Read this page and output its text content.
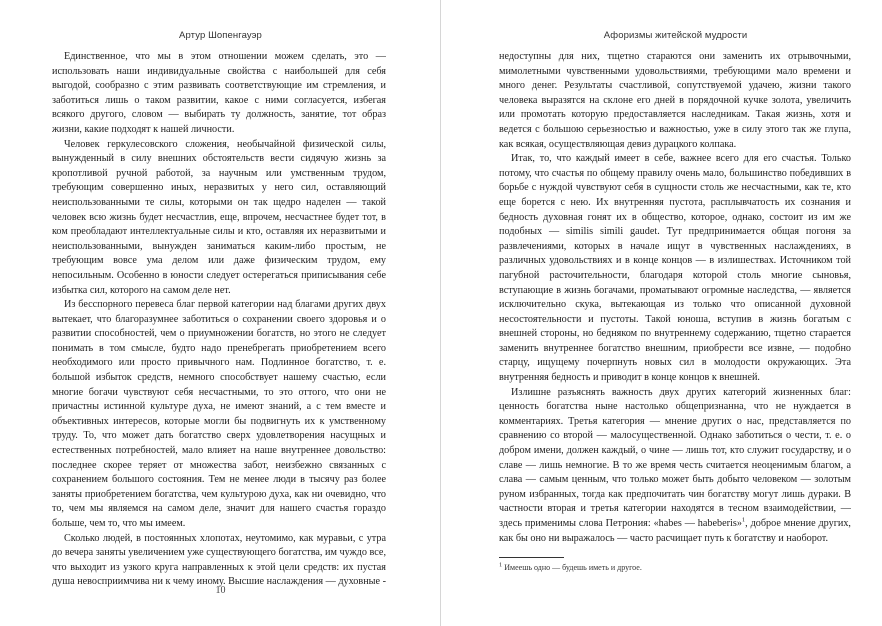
Артур Шопенгауэр

Единственное, что мы в этом отношении можем сделать, это — использовать наши индивидуальные свойства с наибольшей для себя выгодой, сообразно с этим развивать соответствующие им стремления, и заботиться лишь о таком развитии, какое с ними согласуется, избегая всякого другого, словом — выбирать ту должность, занятие, тот образ жизни, какие подходят к нашей личности.

Человек геркулесовского сложения, необычайной физической силы, вынужденный в силу внешних обстоятельств вести сидячую жизнь за кропотливой ручной работой, за научным или умственным трудом, требующим совершенно иных, неразвитых у него сил, оставляющий неиспользованными те силы, которыми он так щедро наделен — такой человек всю жизнь будет несчастлив, еще, впрочем, несчастнее будет тот, в ком преобладают интеллектуальные силы и кто, оставляя их неразвитыми и неиспользованными, вынужден заниматься каким-либо простым, не требующим вовсе ума делом или даже физическим трудом, ему непосильным. Особенно в юности следует остерегаться приписывания себе избытка сил, которого на самом деле нет.

Из бесспорного перевеса благ первой категории над благами других двух вытекает, что благоразумнее заботиться о сохранении своего здоровья и о развитии способностей, чем о приумножении богатств, но этого не следует понимать в том смысле, будто надо пренебрегать приобретением всего необходимого или просто привычного нам. Подлинное богатство, т. е. большой избыток средств, немного способствует нашему счастью, если многие богачи чувствуют себя несчастными, то это оттого, что они не причастны истинной культуре духа, не имеют знаний, а с тем вместе и объективных интересов, которые могли бы подвигнуть их к умственному труду. То, что может дать богатство сверх удовлетворения насущных и естественных потребностей, мало влияет на наше внутреннее довольство: последнее скорее теряет от множества забот, неизбежно связанных с сохранением большого состояния. Тем не менее люди в тысячу раз более заняты приобретением богатства, чем культурою духа, как ни очевидно, что то, чем мы являемся на самом деле, значит для нашего счастья гораздо больше, чем то, что мы имеем.

Сколько людей, в постоянных хлопотах, неутомимо, как муравьи, с утра до вечера заняты увеличением уже существующего богатства, им чуждо все, что выходит из узкого круга направленных к этой цели средств: их пустая душа невосприимчива ни к чему иному. Высшие наслаждения — духовные -

10
Афоризмы житейской мудрости

недоступны для них, тщетно стараются они заменить их отрывочными, мимолетными чувственными удовольствиями, требующими мало времени и много денег. Результаты счастливой, сопутствуемой удачею, жизни такого человека выразятся на склоне его дней в порядочной кучке золота, увеличить или промотать которую предоставляется наследникам. Такая жизнь, хотя и ведется с большою серьезностью и важностью, уже в силу этого так же глупа, как всякая, осуществляющая девиз дурацкого колпака.

Итак, то, что каждый имеет в себе, важнее всего для его счастья. Только потому, что счастья по общему правилу очень мало, большинство победивших в борьбе с нуждой чувствуют себя в сущности столь же несчастными, как те, кто еще борется с нею. Их внутренняя пустота, расплывчатость их сознания и бедность духовная гонят их в общество, которое, однако, состоит из им же подобных — similis simili gaudet. Тут предпринимается общая погоня за развлечениями, которых в начале ищут в чувственных наслаждениях, в различных удовольствиях и в конце концов — в излишествах. Источником той пагубной расточительности, благодаря которой столь многие сыновья, вступающие в жизнь богачами, проматывают огромные наследства, — является исключительно скука, вытекающая из только что описанной духовной несостоятельности и пустоты. Такой юноша, вступив в жизнь богатым с внешней стороны, но бедняком по внутреннему содержанию, тщетно старается заменить внутреннее богатство внешним, приобрести все извне, — подобно старцу, ищущему почерпнуть новых сил в молодости окружающих. Эта внутренняя бедность и приводит в конце концов к внешней.

Излишне разъяснять важность двух других категорий жизненных благ: ценность богатства ныне настолько общепризнанна, что не нуждается в комментариях. Третья категория — мнение других о нас, представляется по сравнению со второй — малосущественной. Однако заботиться о чести, т. е. о добром имени, должен каждый, о чине — лишь тот, кто служит государству, и о славе — лишь немногие. В то же время честь считается неоценимым благом, а слава — самым ценным, что только может быть добыто человеком — золотым руном избранных, тогда как предпочитать чин богатству могут лишь дураки. В частности вторая и третья категории находятся в тесном взаимодействии, — здесь применимы слова Петрония: «habes — habeberis»$^1$, доброе мнение других, как бы оно ни выражалось — часто расчищает путь к богатству и наоборот.

$^1$ Имеешь одно — будешь иметь и другое.
